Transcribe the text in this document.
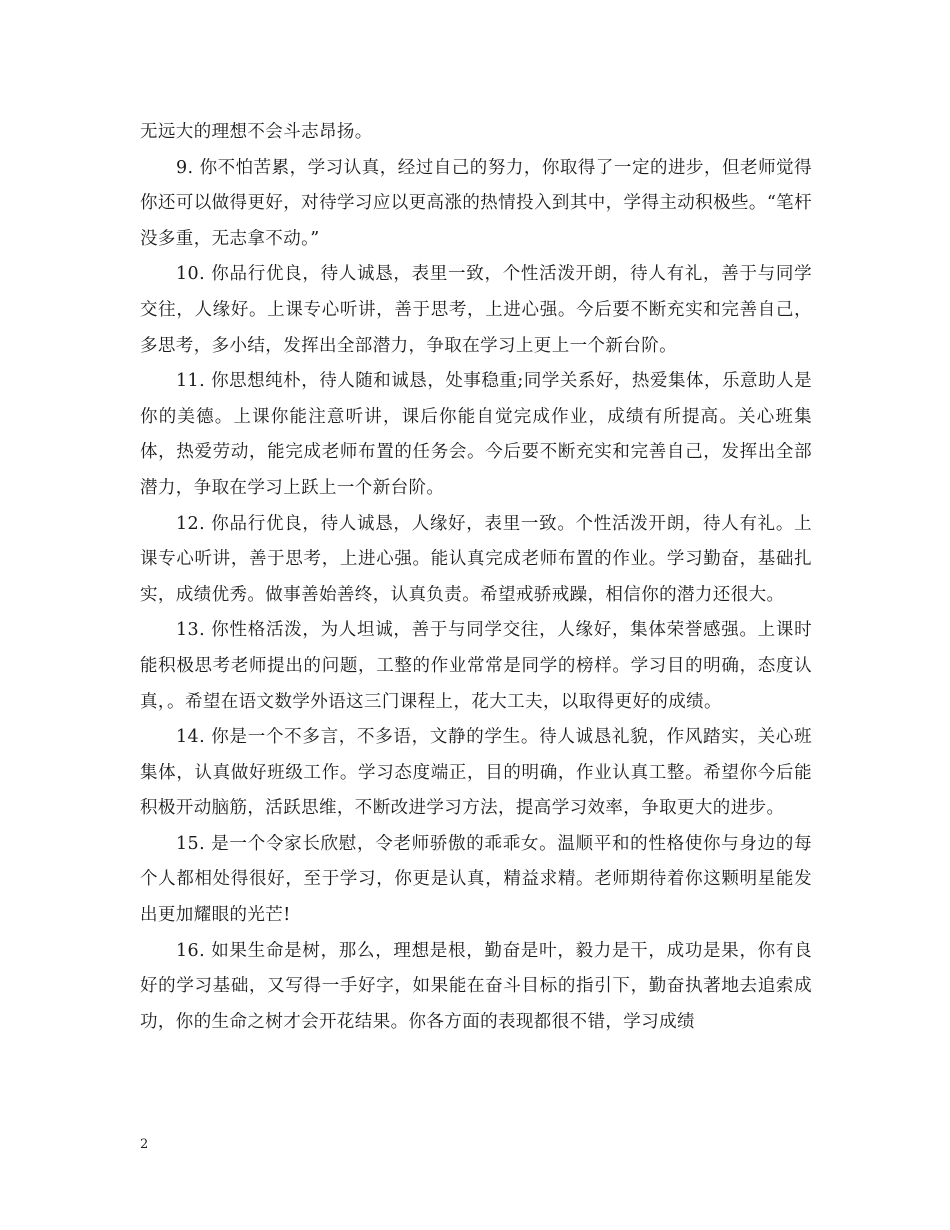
无远大的理想不会斗志昂扬。

9. 你不怕苦累，学习认真，经过自己的努力，你取得了一定的进步，但老师觉得你还可以做得更好，对待学习应以更高涨的热情投入到其中，学得主动积极些。“笔杆没多重，无志拿不动。”

10. 你品行优良，待人诚恳，表里一致，个性活泼开朗，待人有礼，善于与同学交往，人缘好。上课专心听讲，善于思考，上进心强。今后要不断充实和完善自己，多思考，多小结，发挥出全部潜力，争取在学习上更上一个新台阶。

11. 你思想纯朴，待人随和诚恳，处事稳重;同学关系好，热爱集体，乐意助人是你的美德。上课你能注意听讲，课后你能自觉完成作业，成绩有所提高。关心班集体，热爱劳动，能完成老师布置的任务会。今后要不断充实和完善自己，发挥出全部潜力，争取在学习上跃上一个新台阶。

12. 你品行优良，待人诚恳，人缘好，表里一致。个性活泼开朗，待人有礼。上课专心听讲，善于思考，上进心强。能认真完成老师布置的作业。学习勤奋，基础扎实，成绩优秀。做事善始善终，认真负责。希望戒骄戒躁，相信你的潜力还很大。

13. 你性格活泼，为人坦诚，善于与同学交往，人缘好，集体荣誉感强。上课时能积极思考老师提出的问题，工整的作业常常是同学的榜样。学习目的明确，态度认真，。希望在语文数学外语这三门课程上，花大工夫，以取得更好的成绩。

14. 你是一个不多言，不多语，文静的学生。待人诚恳礼貌，作风踏实，关心班集体，认真做好班级工作。学习态度端正，目的明确，作业认真工整。希望你今后能积极开动脑筋，活跃思维，不断改进学习方法，提高学习效率，争取更大的进步。

15. 是一个令家长欣慰，令老师骄傲的乖乖女。温顺平和的性格使你与身边的每个人都相处得很好，至于学习，你更是认真，精益求精。老师期待着你这颗明星能发出更加耀眼的光芒!

16. 如果生命是树，那么，理想是根，勤奋是叶，毅力是干，成功是果，你有良好的学习基础，又写得一手好字，如果能在奋斗目标的指引下，勤奋执著地去追索成功，你的生命之树才会开花结果。你各方面的表现都很不错，学习成绩

2
